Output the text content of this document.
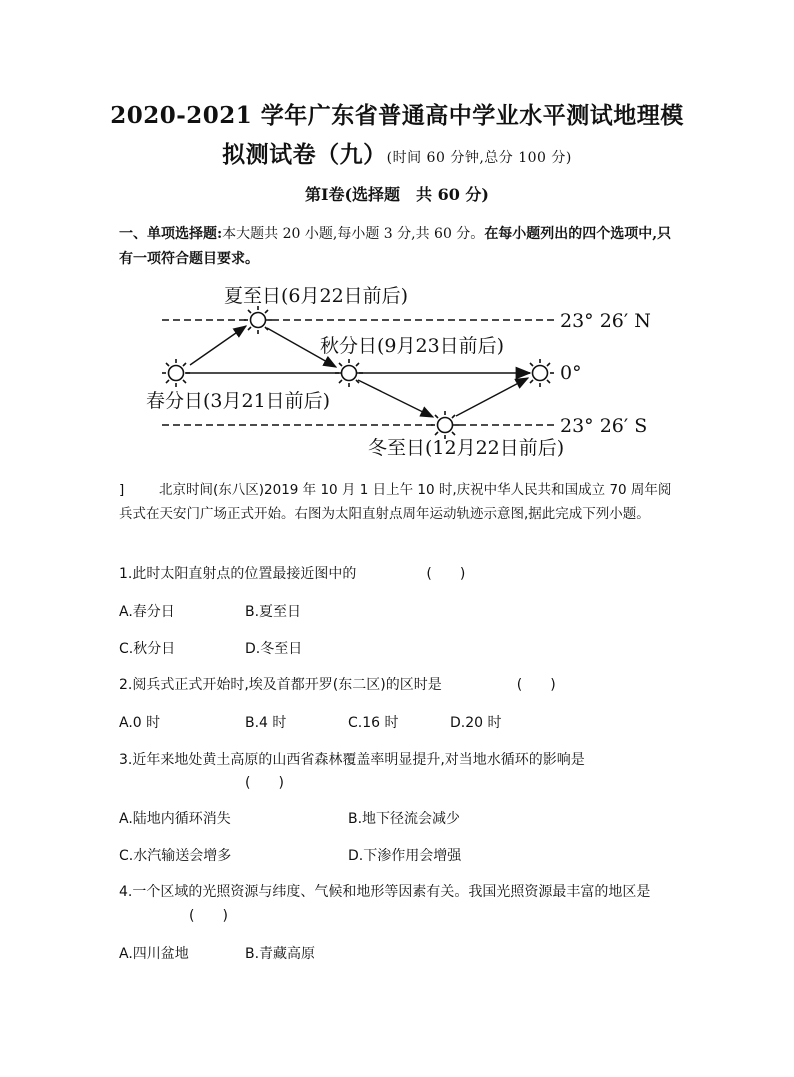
2020-2021 学年广东省普通高中学业水平测试地理模
拟测试卷（九）(时间 60 分钟,总分 100 分)
第Ⅰ卷(选择题　共 60 分)
一、单项选择题:本大题共 20 小题,每小题 3 分,共 60 分。在每小题列出的四个选项中,只有一项符合题目要求。
夏至日(6月22日前后)
秋分日(9月23日前后)
春分日(3月21日前后)
冬至日(12月22日前后)
23° 26′ N
0°
23° 26′ S
]	北京时间(东八区)2019 年 10 月 1 日上午 10 时,庆祝中华人民共和国成立 70 周年阅兵式在天安门广场正式开始。右图为太阳直射点周年运动轨迹示意图,据此完成下列小题。
1.此时太阳直射点的位置最接近图中的	(　　)
A.春分日	B.夏至日
C.秋分日	D.冬至日
2.阅兵式正式开始时,埃及首都开罗(东二区)的区时是	(　　)
A.0 时	B.4 时	C.16 时	D.20 时
3.近年来地处黄土高原的山西省森林覆盖率明显提升,对当地水循环的影响是
(　　)
A.陆地内循环消失	B.地下径流会减少
C.水汽输送会增多	D.下渗作用会增强
4.一个区域的光照资源与纬度、气候和地形等因素有关。我国光照资源最丰富的地区是(　　)
A.四川盆地	B.青藏高原
